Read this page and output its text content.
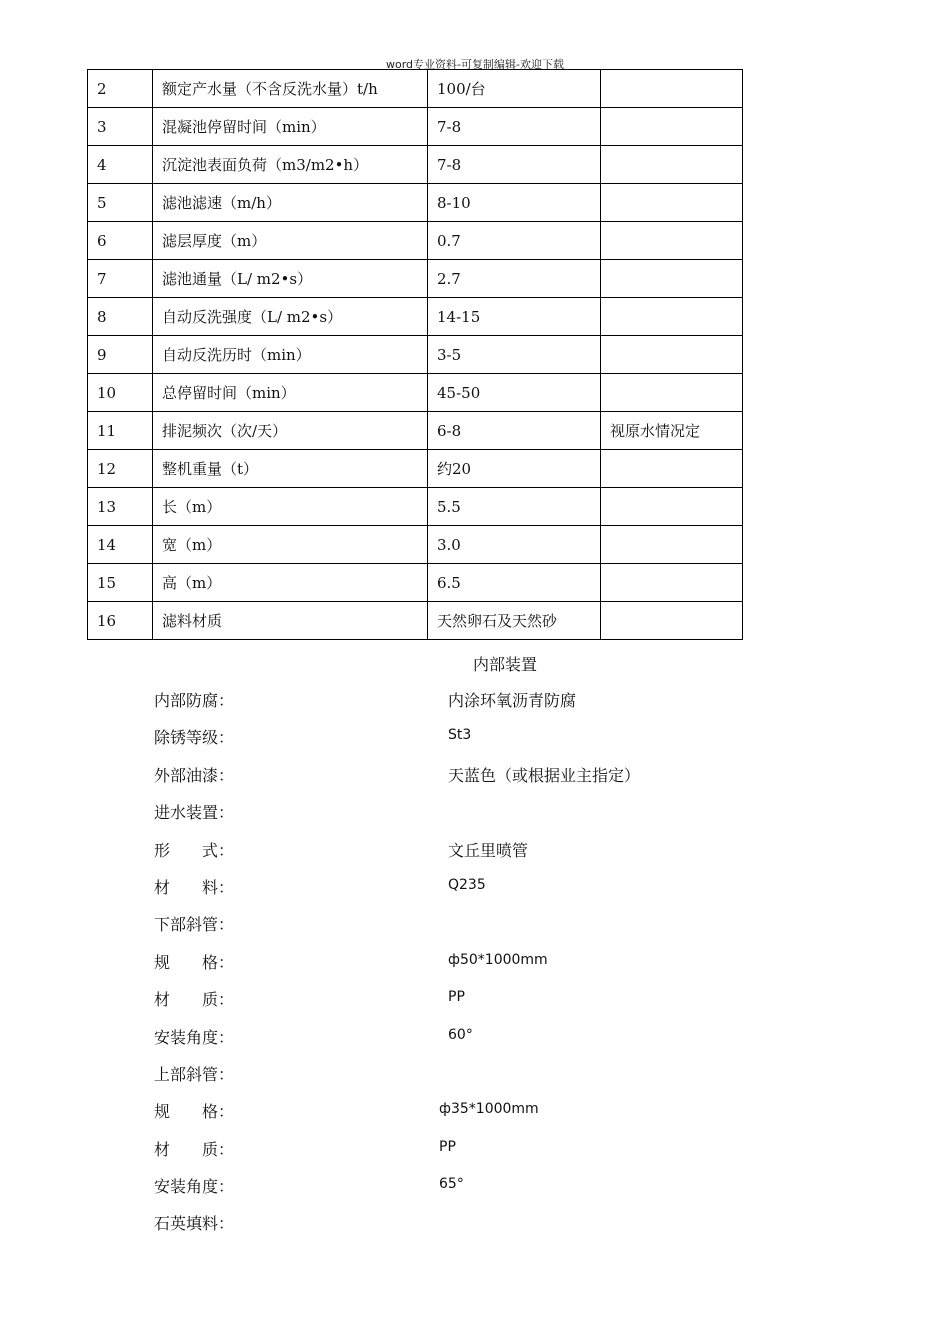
word专业资料-可复制编辑-欢迎下载
2	额定产水量（不含反洗水量）t/h	100/台	
3	混凝池停留时间（min）	7-8	
4	沉淀池表面负荷（m3/m2•h）	7-8	
5	滤池滤速（m/h）	8-10	
6	滤层厚度（m）	0.7	
7	滤池通量（L/ m2•s）	2.7	
8	自动反洗强度（L/ m2•s）	14-15	
9	自动反洗历时（min）	3-5	
10	总停留时间（min）	45-50	
11	排泥频次（次/天）	6-8	视原水情况定
12	整机重量（t）	约20	
13	长（m）	5.5	
14	宽（m）	3.0	
15	高（m）	6.5	
16	滤料材质	天然卵石及天然砂	
内部装置
内部防腐：	内涂环氧沥青防腐
除锈等级：	St3
外部油漆：	天蓝色（或根据业主指定）
进水装置：
形　　式：	文丘里喷管
材　　料：	Q235
下部斜管：
规　　格：	ф50*1000mm
材　　质：	PP
安装角度：	60°
上部斜管：
规　　格：	ф35*1000mm
材　　质：	PP
安装角度：	65°
石英填料：
